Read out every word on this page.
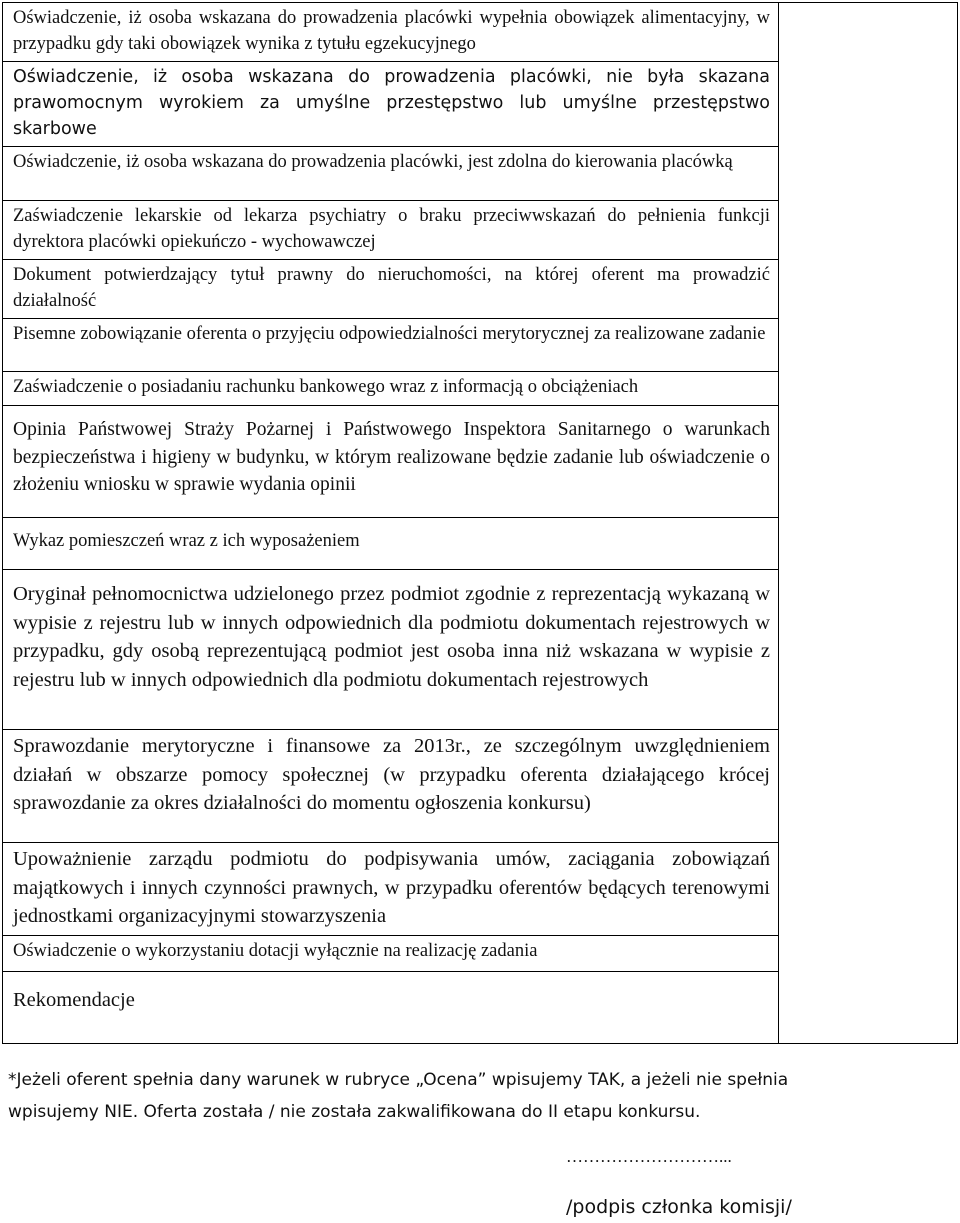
Oświadczenie, iż osoba wskazana do prowadzenia placówki wypełnia obowiązek alimentacyjny, w przypadku gdy taki obowiązek wynika z tytułu egzekucyjnego	
Oświadczenie, iż osoba wskazana do prowadzenia placówki, nie była skazana prawomocnym wyrokiem za umyślne przestępstwo lub umyślne przestępstwo skarbowe
Oświadczenie, iż osoba wskazana do prowadzenia placówki, jest zdolna do kierowania placówką
Zaświadczenie lekarskie od lekarza psychiatry o braku przeciwwskazań do pełnienia funkcji dyrektora placówki opiekuńczo - wychowawczej
Dokument potwierdzający tytuł prawny do nieruchomości, na której oferent ma prowadzić działalność
Pisemne zobowiązanie oferenta o przyjęciu odpowiedzialności merytorycznej za realizowane zadanie
Zaświadczenie o posiadaniu rachunku bankowego wraz z informacją o obciążeniach
Opinia Państwowej Straży Pożarnej i Państwowego Inspektora Sanitarnego o warunkach bezpieczeństwa i higieny w budynku, w którym realizowane będzie zadanie lub oświadczenie o złożeniu wniosku w sprawie wydania opinii
Wykaz pomieszczeń wraz z ich wyposażeniem
Oryginał pełnomocnictwa udzielonego przez podmiot zgodnie z reprezentacją wykazaną w wypisie z rejestru lub w innych odpowiednich dla podmiotu dokumentach rejestrowych w przypadku, gdy osobą reprezentującą podmiot jest osoba inna niż wskazana w wypisie z rejestru lub w innych odpowiednich dla podmiotu dokumentach rejestrowych
Sprawozdanie merytoryczne i finansowe za 2013r., ze szczególnym uwzględnieniem działań w obszarze pomocy społecznej (w przypadku oferenta działającego krócej sprawozdanie za okres działalności do momentu ogłoszenia konkursu)
Upoważnienie zarządu podmiotu do podpisywania umów, zaciągania zobowiązań majątkowych i innych czynności prawnych, w przypadku oferentów będących terenowymi jednostkami organizacyjnymi stowarzyszenia
Oświadczenie o wykorzystaniu dotacji wyłącznie na realizację zadania
Rekomendacje
*Jeżeli oferent spełnia dany warunek w rubryce „Ocena” wpisujemy TAK, a jeżeli nie spełnia
wpisujemy NIE. Oferta została / nie została zakwalifikowana do II etapu konkursu.
………………………...
/podpis członka komisji/
